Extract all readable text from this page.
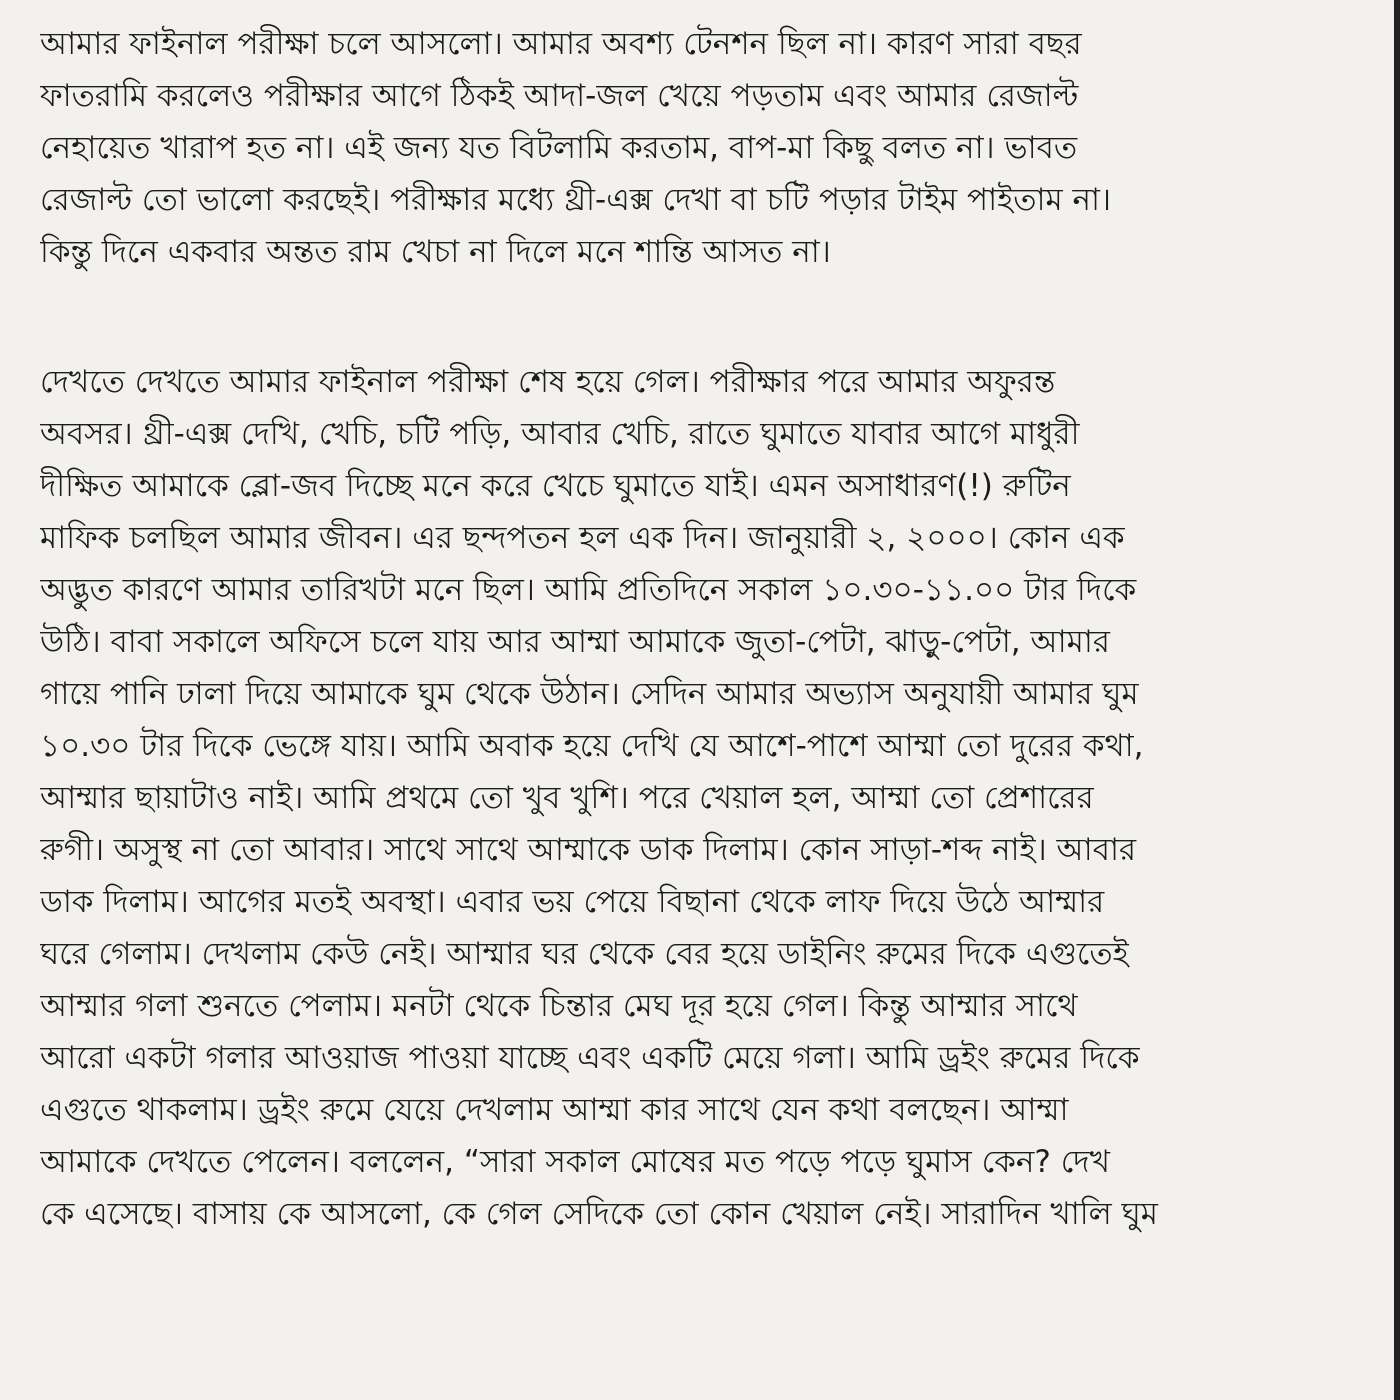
আমার ফাইনাল পরীক্ষা চলে আসলো। আমার অবশ্য টেনশন ছিল না। কারণ সারা বছর
ফাতরামি করলেও পরীক্ষার আগে ঠিকই আদা-জল খেয়ে পড়তাম এবং আমার রেজাল্ট
নেহায়েত খারাপ হত না। এই জন্য যত বিটলামি করতাম, বাপ-মা কিছু বলত না। ভাবত
রেজাল্ট তো ভালো করছেই। পরীক্ষার মধ্যে থ্রী-এক্স দেখা বা চটি পড়ার টাইম পাইতাম না।
কিন্তু দিনে একবার অন্তত রাম খেচা না দিলে মনে শান্তি আসত না।
দেখতে দেখতে আমার ফাইনাল পরীক্ষা শেষ হয়ে গেল। পরীক্ষার পরে আমার অফুরন্ত
অবসর। থ্রী-এক্স দেখি, খেচি, চটি পড়ি, আবার খেচি, রাতে ঘুমাতে যাবার আগে মাধুরী
দীক্ষিত আমাকে ব্লো-জব দিচ্ছে মনে করে খেচে ঘুমাতে যাই। এমন অসাধারণ(!) রুটিন
মাফিক চলছিল আমার জীবন। এর ছন্দপতন হল এক দিন। জানুয়ারী ২, ২০০০। কোন এক
অদ্ভুত কারণে আমার তারিখটা মনে ছিল। আমি প্রতিদিনে সকাল ১০.৩০-১১.০০ টার দিকে
উঠি। বাবা সকালে অফিসে চলে যায় আর আম্মা আমাকে জুতা-পেটা, ঝাড়ু-পেটা, আমার
গায়ে পানি ঢালা দিয়ে আমাকে ঘুম থেকে উঠান। সেদিন আমার অভ্যাস অনুযায়ী আমার ঘুম
১০.৩০ টার দিকে ভেঙ্গে যায়। আমি অবাক হয়ে দেখি যে আশে-পাশে আম্মা তো দুরের কথা,
আম্মার ছায়াটাও নাই। আমি প্রথমে তো খুব খুশি। পরে খেয়াল হল, আম্মা তো প্রেশারের
রুগী। অসুস্থ না তো আবার। সাথে সাথে আম্মাকে ডাক দিলাম। কোন সাড়া-শব্দ নাই। আবার
ডাক দিলাম। আগের মতই অবস্থা। এবার ভয় পেয়ে বিছানা থেকে লাফ দিয়ে উঠে আম্মার
ঘরে গেলাম। দেখলাম কেউ নেই। আম্মার ঘর থেকে বের হয়ে ডাইনিং রুমের দিকে এগুতেই
আম্মার গলা শুনতে পেলাম। মনটা থেকে চিন্তার মেঘ দূর হয়ে গেল। কিন্তু আম্মার সাথে
আরো একটা গলার আওয়াজ পাওয়া যাচ্ছে এবং একটি মেয়ে গলা। আমি ড্রইং রুমের দিকে
এগুতে থাকলাম। ড্রইং রুমে যেয়ে দেখলাম আম্মা কার সাথে যেন কথা বলছেন। আম্মা
আমাকে দেখতে পেলেন। বললেন, “সারা সকাল মোষের মত পড়ে পড়ে ঘুমাস কেন? দেখ
কে এসেছে। বাসায় কে আসলো, কে গেল সেদিকে তো কোন খেয়াল নেই। সারাদিন খালি ঘুম
